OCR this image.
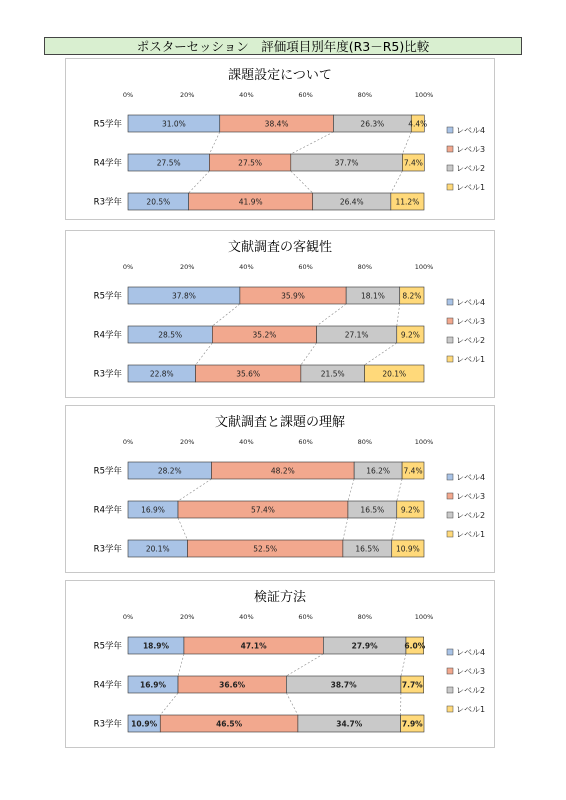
ポスターセッション　評価項目別年度(R3－R5)比較
課題設定について
0%	20%	40%	60%	80%	100%
R5学年	31.0%	38.4%	26.3%	4.4%
R4学年	27.5%	27.5%	37.7%	7.4%
R3学年	20.5%	41.9%	26.4%	11.2%
レベル4
レベル3
レベル2
レベル1
文献調査の客観性
0%	20%	40%	60%	80%	100%
R5学年	37.8%	35.9%	18.1% 8.2%
R4学年	28.5%	35.2%	27.1%	9.2%
R3学年	22.8%	35.6%	21.5%	20.1%
レベル4
レベル3
レベル2
レベル1
文献調査と課題の理解
0%	20%	40%	60%	80%	100%
R5学年	28.2%	48.2%	16.2% 7.4%
R4学年	16.9%	57.4%	16.5% 9.2%
R3学年	20.1%	52.5%	16.5% 10.9%
レベル4
レベル3
レベル2
レベル1
検証方法
0%	20%	40%	60%	80%	100%
R5学年	18.9%	47.1%	27.9%	6.0%
R4学年 16.9%	36.6%	38.7%	7.7%
R3学年 10.9%	46.5%	34.7%	7.9%
レベル4
レベル3
レベル2
レベル1
